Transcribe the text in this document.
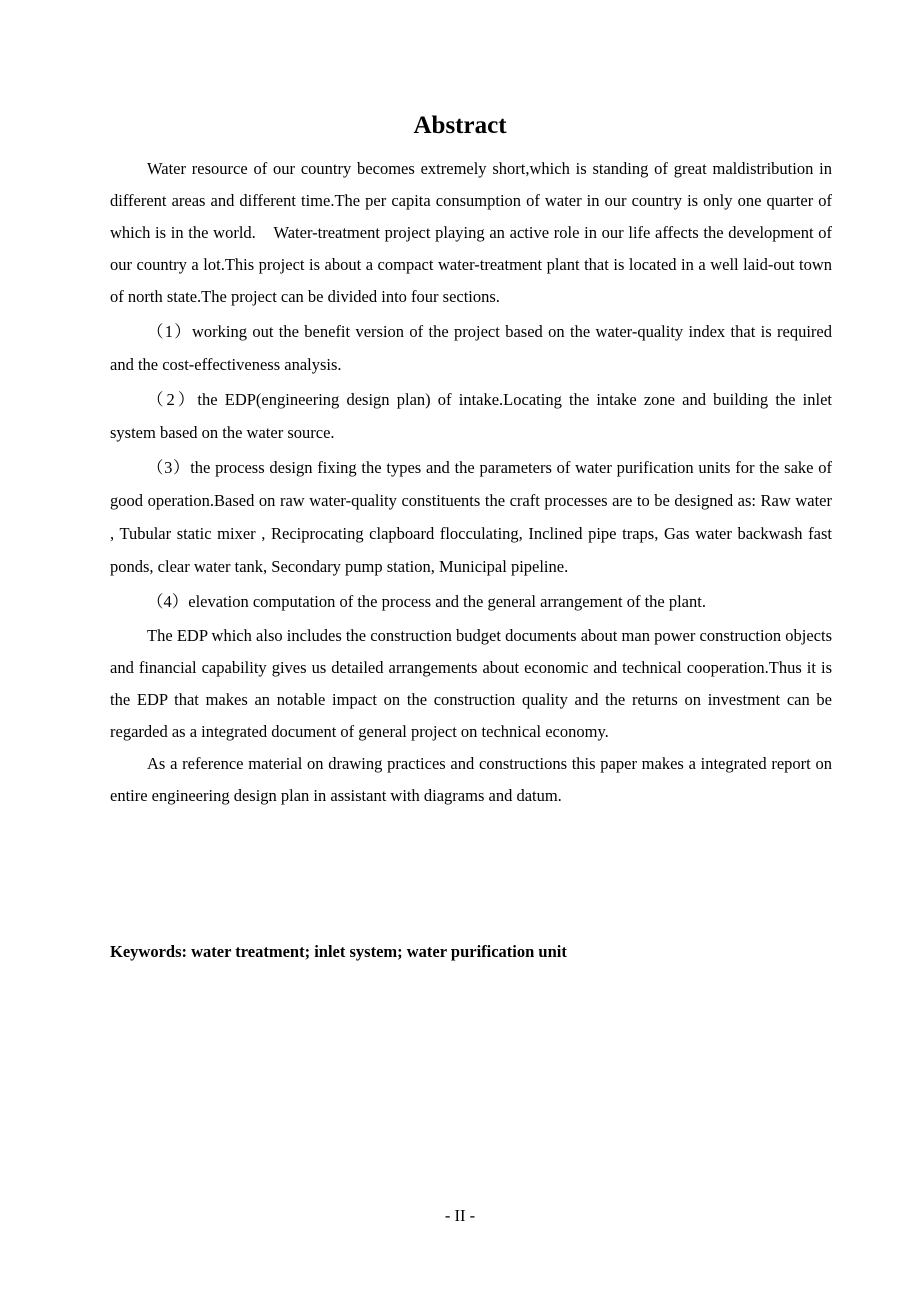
Abstract

Water resource of our country becomes extremely short,which is standing of great maldistribution in different areas and different time.The per capita consumption of water in our country is only one quarter of which is in the world.　Water-treatment project playing an active role in our life affects the development of our country a lot.This project is about a compact water-treatment plant that is located in a well laid-out town of north state.The project can be divided into four sections.

（1）working out the benefit version of the project based on the water-quality index that is required and the cost-effectiveness analysis.

（2）the EDP(engineering design plan) of intake.Locating the intake zone and building the inlet system based on the water source.

（3）the process design fixing the types and the parameters of water purification units for the sake of good operation.Based on raw water-quality constituents the craft processes are to be designed as: Raw water , Tubular static mixer , Reciprocating clapboard flocculating, Inclined pipe traps, Gas water backwash fast ponds, clear water tank, Secondary pump station, Municipal pipeline.

（4）elevation computation of the process and the general arrangement of the plant.

The EDP which also includes the construction budget documents about man power construction objects and financial capability gives us detailed arrangements about economic and technical cooperation.Thus it is the EDP that makes an notable impact on the construction quality and the returns on investment can be regarded as a integrated document of general project on technical economy.

As a reference material on drawing practices and constructions this paper makes a integrated report on entire engineering design plan in assistant with diagrams and datum.

Keywords: water treatment; inlet system; water purification unit

- II -
